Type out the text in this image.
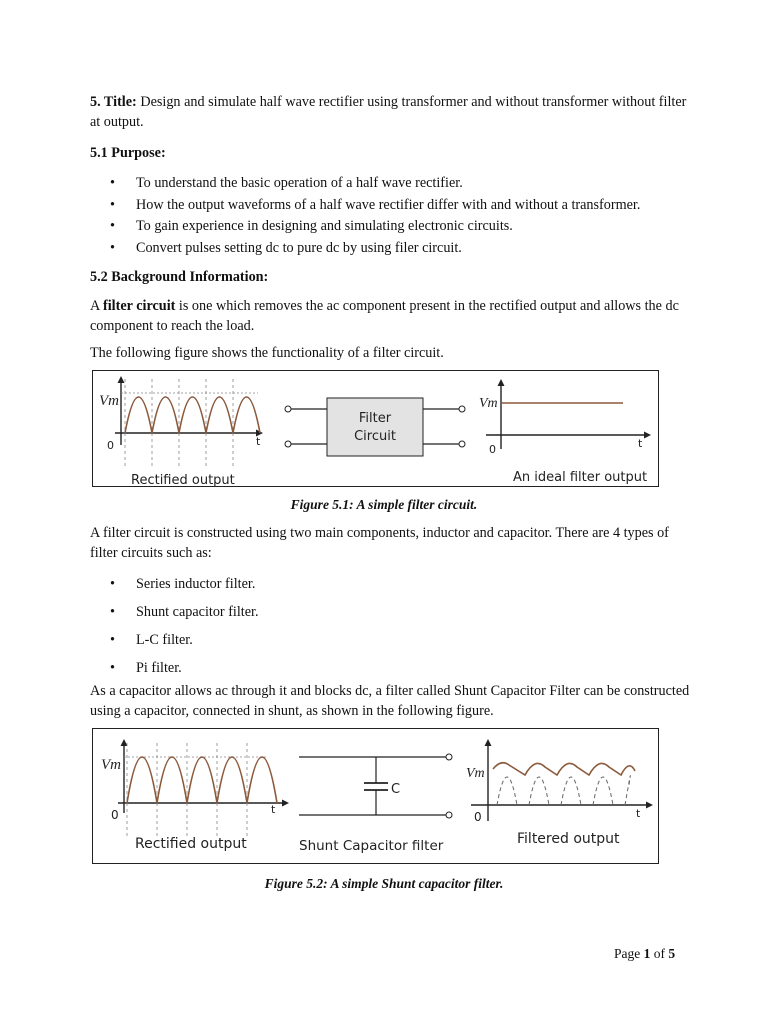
5. Title: Design and simulate half wave rectifier using transformer and without transformer without filter at output.

5.1 Purpose:

• To understand the basic operation of a half wave rectifier.
• How the output waveforms of a half wave rectifier differ with and without a transformer.
• To gain experience in designing and simulating electronic circuits.
• Convert pulses setting dc to pure dc by using filer circuit.

5.2 Background Information:

A filter circuit is one which removes the ac component present in the rectified output and allows the dc component to reach the load.

The following figure shows the functionality of a filter circuit.

Vm
0	t
Rectified output
Filter
Circuit
Vm
0	t
An ideal filter output
Figure 5.1: A simple filter circuit.

A filter circuit is constructed using two main components, inductor and capacitor. There are 4 types of filter circuits such as:

• Series inductor filter.
• Shunt capacitor filter.
• L-C filter.
• Pi filter.

As a capacitor allows ac through it and blocks dc, a filter called Shunt Capacitor Filter can be constructed using a capacitor, connected in shunt, as shown in the following figure.

Vm
0	t
Rectified output
C
Shunt Capacitor filter
Vm
0	t
Filtered output
Figure 5.2: A simple Shunt capacitor filter.
Page 1 of 5
